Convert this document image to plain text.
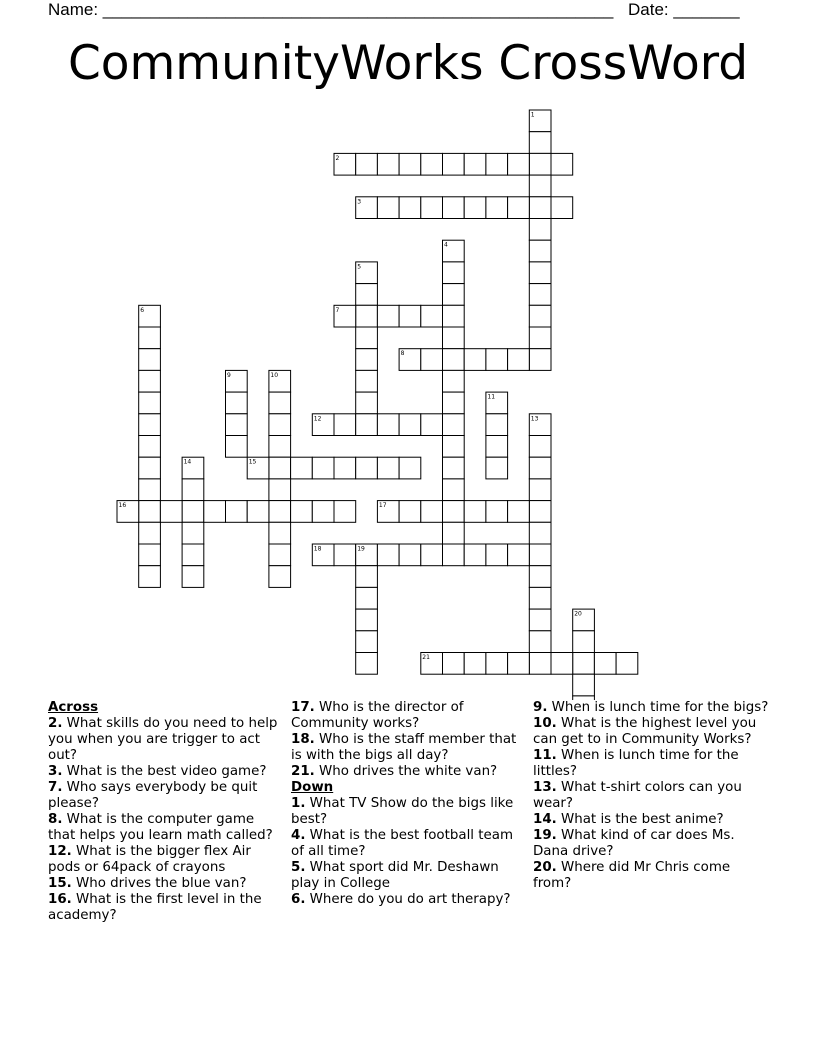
Name: ______________________________________________________ Date: _______
CommunityWorks CrossWord
1
2
3
4
5
6	7
8
9	10
11
12	13
14	15
16	17
18	19
20
21

Across

2. What skills do you need to help you when you are trigger to act out?

3. What is the best video game?

7. Who says everybody be quit please?

8. What is the computer game that helps you learn math called?

12. What is the bigger flex Air pods or 64pack of crayons

15. Who drives the blue van?

16. What is the first level in the academy?

17. Who is the director of Community works?

18. Who is the staff member that is with the bigs all day?

21. Who drives the white van?

Down

1. What TV Show do the bigs like best?

4. What is the best football team of all time?

5. What sport did Mr. Deshawn play in College

6. Where do you do art therapy?

9. When is lunch time for the bigs?

10. What is the highest level you can get to in Community Works?

11. When is lunch time for the littles?

13. What t-shirt colors can you wear?

14. What is the best anime?

19. What kind of car does Ms. Dana drive?

20. Where did Mr Chris come from?
